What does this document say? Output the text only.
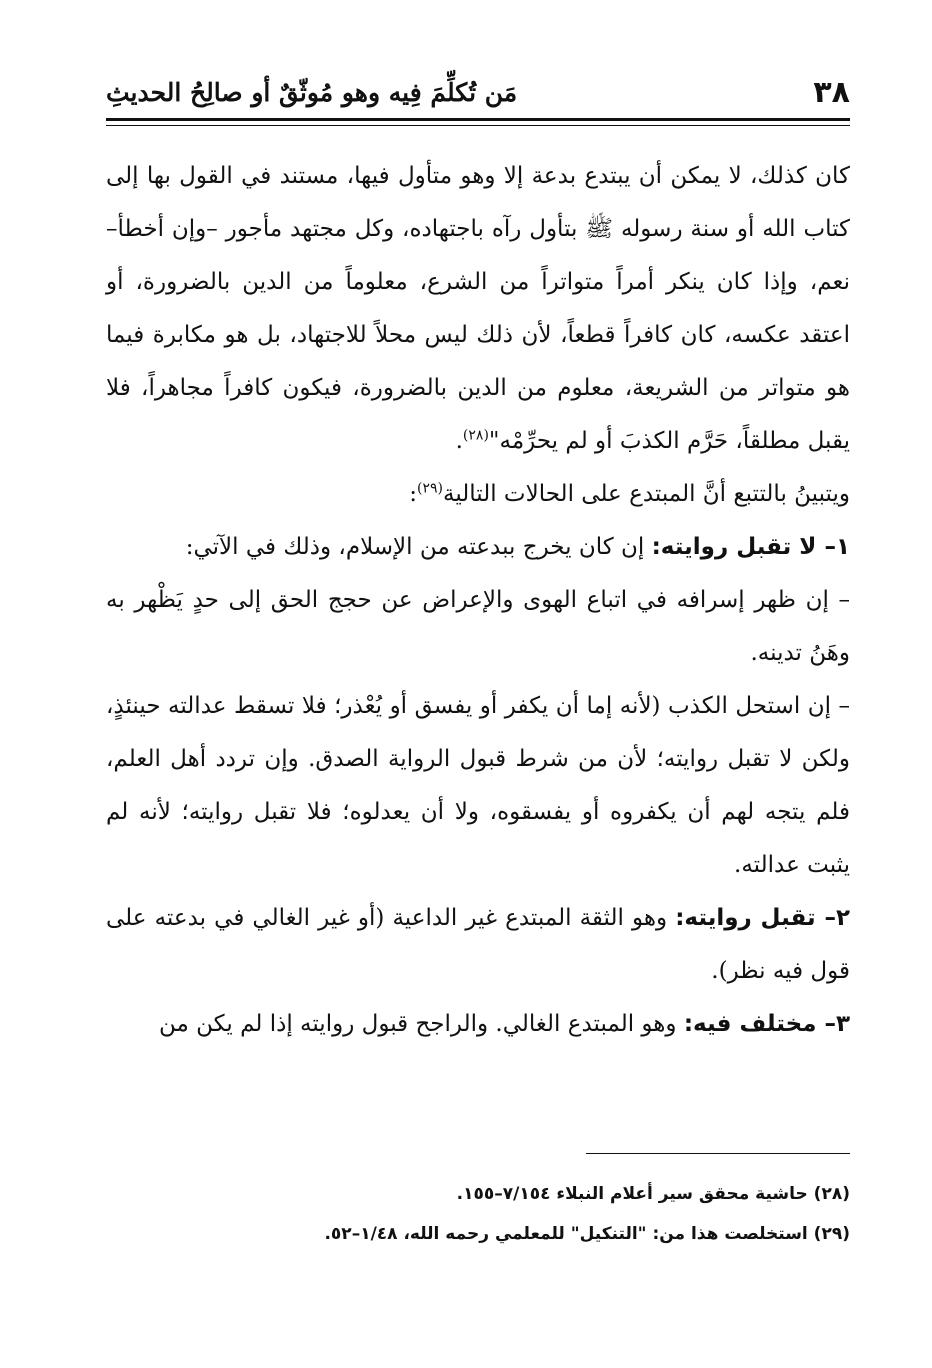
٣٨
مَن تُكلِّمَ فِيه وهو مُوثّقٌ أو صالِحُ الحديثِ

كان كذلك، لا يمكن أن يبتدع بدعة إلا وهو متأول فيها، مستند في القول بها إلى كتاب الله أو سنة رسوله ﷺ بتأول رآه باجتهاده، وكل مجتهد مأجور –وإن أخطأ– نعم، وإذا كان ينكر أمراً متواتراً من الشرع، معلوماً من الدين بالضرورة، أو اعتقد عكسه، كان كافراً قطعاً، لأن ذلك ليس محلاً للاجتهاد، بل هو مكابرة فيما هو متواتر من الشريعة، معلوم من الدين بالضرورة، فيكون كافراً مجاهراً، فلا يقبل مطلقاً، حَرَّم الكذبَ أو لم يحرِّمْه"$^{(٢٨)}$.

ويتبينُ بالتتبع أنَّ المبتدع على الحالات التالية$^{(٢٩)}$:

١– لا تقبل روايته: إن كان يخرج ببدعته من الإسلام، وذلك في الآتي:

– إن ظهر إسرافه في اتباع الهوى والإعراض عن حجج الحق إلى حدٍ يَظْهر به وهَنُ تدينه.

– إن استحل الكذب (لأنه إما أن يكفر أو يفسق أو يُعْذر؛ فلا تسقط عدالته حينئذٍ، ولكن لا تقبل روايته؛ لأن من شرط قبول الرواية الصدق. وإن تردد أهل العلم، فلم يتجه لهم أن يكفروه أو يفسقوه، ولا أن يعدلوه؛ فلا تقبل روايته؛ لأنه لم يثبت عدالته.

٢– تقبل روايته: وهو الثقة المبتدع غير الداعية (أو غير الغالي في بدعته على قول فيه نظر).

٣– مختلف فيه: وهو المبتدع الغالي. والراجح قبول روايته إذا لم يكن من

(٢٨) حاشية محقق سير أعلام النبلاء ٧/١٥٤–١٥٥.

(٢٩) استخلصت هذا من: "التنكيل" للمعلمي رحمه الله، ١/٤٨–٥٢.
